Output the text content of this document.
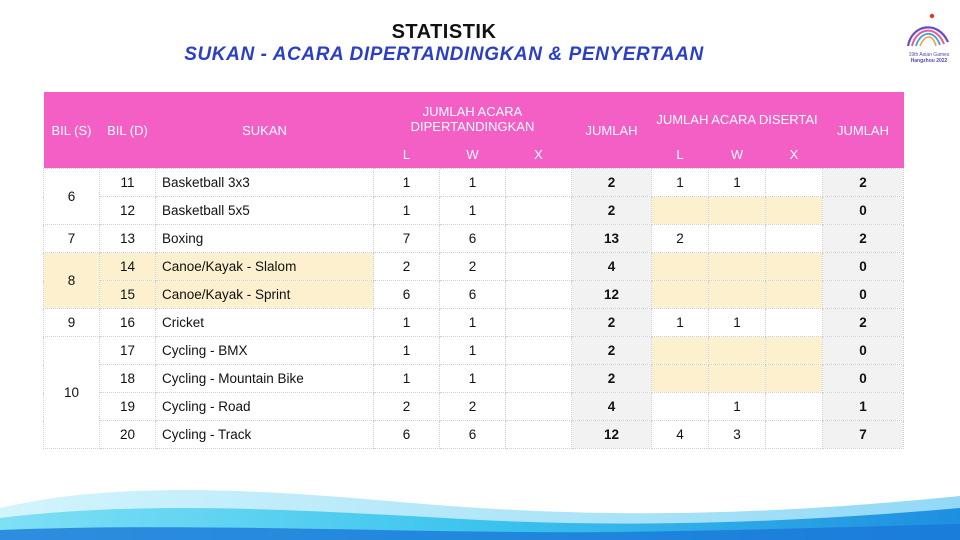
STATISTIK
SUKAN - ACARA DIPERTANDINGKAN & PENYERTAAN	19th Asian Games
Hangzhou 2022
BIL (S)	BIL (D)	SUKAN	JUMLAH ACARA DIPERTANDINGKAN			JUMLAH	JUMLAH ACARA DISERTAI			JUMLAH
			L	W	X		L	W	X	
6	11	Basketball 3x3	1	1		2	1	1		2
	12	Basketball 5x5	1	1		2				0
7	13	Boxing	7	6		13	2			2
8	14	Canoe/Kayak - Slalom	2	2		4				0
	15	Canoe/Kayak - Sprint	6	6		12				0
9	16	Cricket	1	1		2	1	1		2
10	17	Cycling - BMX	1	1		2				0
	18	Cycling - Mountain Bike	1	1		2				0
	19	Cycling - Road	2	2		4		1		1
	20	Cycling - Track	6	6		12	4	3		7
